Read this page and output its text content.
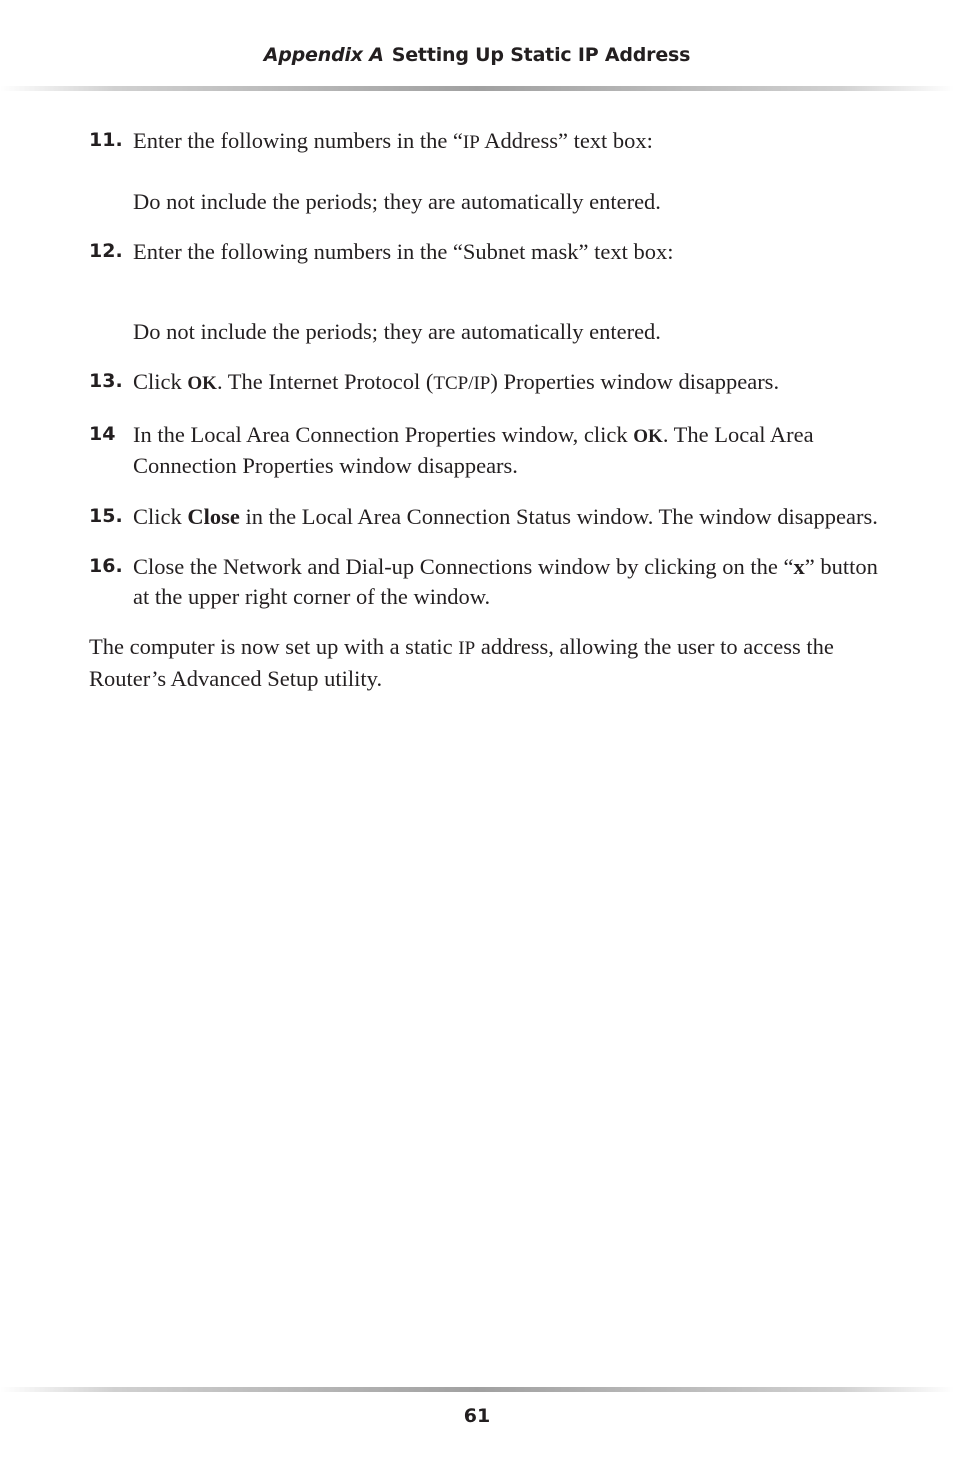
Appendix A Setting Up Static IP Address
11. Enter the following numbers in the “IP Address” text box:
Do not include the periods; they are automatically entered.
12. Enter the following numbers in the “Subnet mask” text box:
Do not include the periods; they are automatically entered.
13. Click OK. The Internet Protocol (TCP/IP) Properties window disappears.
14 In the Local Area Connection Properties window, click OK. The Local Area Connection Properties window disappears.
15. Click Close in the Local Area Connection Status window. The window disappears.
16. Close the Network and Dial-up Connections window by clicking on the “x” button at the upper right corner of the window.

The computer is now set up with a static IP address, allowing the user to access the Router’s Advanced Setup utility.

61
